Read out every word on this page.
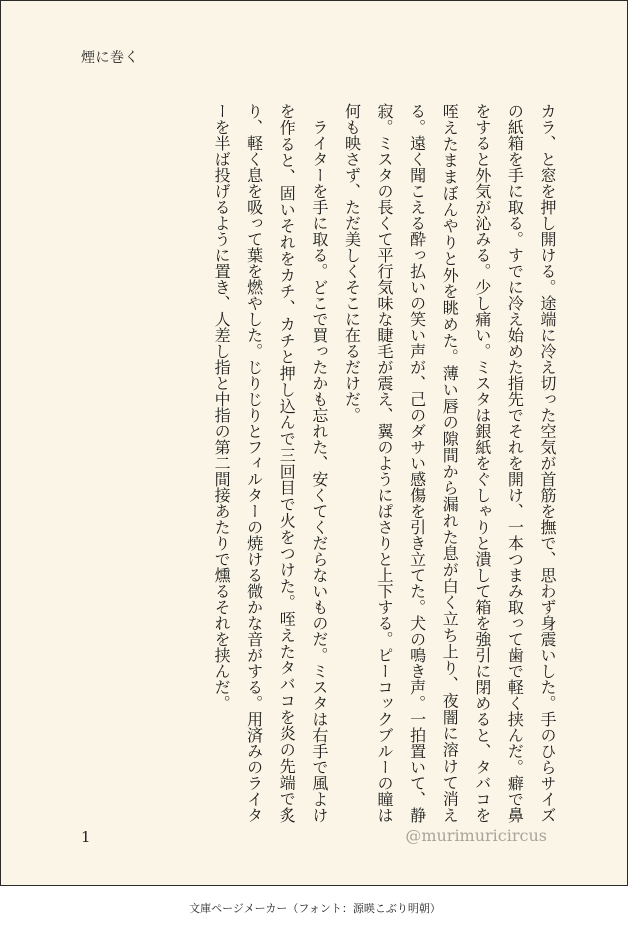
煙に巻く

カラ、と窓を押し開ける。途端に冷え切った空気が首筋を撫で、思わず身震いした。手のひらサイズの紙箱を手に取る。すでに冷え始めた指先でそれを開け、一本つまみ取って歯で軽く挟んだ。癖で鼻をすると外気が沁みる。少し痛い。ミスタは銀紙をぐしゃりと潰して箱を強引に閉めると、タバコを咥えたままぼんやりと外を眺めた。薄い唇の隙間から漏れた息が白く立ち上り、夜闇に溶けて消える。遠く聞こえる酔っ払いの笑い声が、己のダサい感傷を引き立てた。犬の鳴き声。一拍置いて、静寂。ミスタの長くて平行気味な睫毛が震え、翼のようにぱさりと上下する。ピーコックブルーの瞳は何も映さず、ただ美しくそこに在るだけだ。

　ライターを手に取る。どこで買ったかも忘れた、安くてくだらないものだ。ミスタは右手で風よけを作ると、固いそれをカチ、カチと押し込んで三回目で火をつけた。咥えたタバコを炎の先端で炙り、軽く息を吸って葉を燃やした。じりじりとフィルターの焼ける微かな音がする。用済みのライターを半ば投げるように置き、人差し指と中指の第二間接あたりで燻るそれを挟んだ。

1	@murimuricircus
文庫ページメーカー（フォント：源暎こぶり明朝）
